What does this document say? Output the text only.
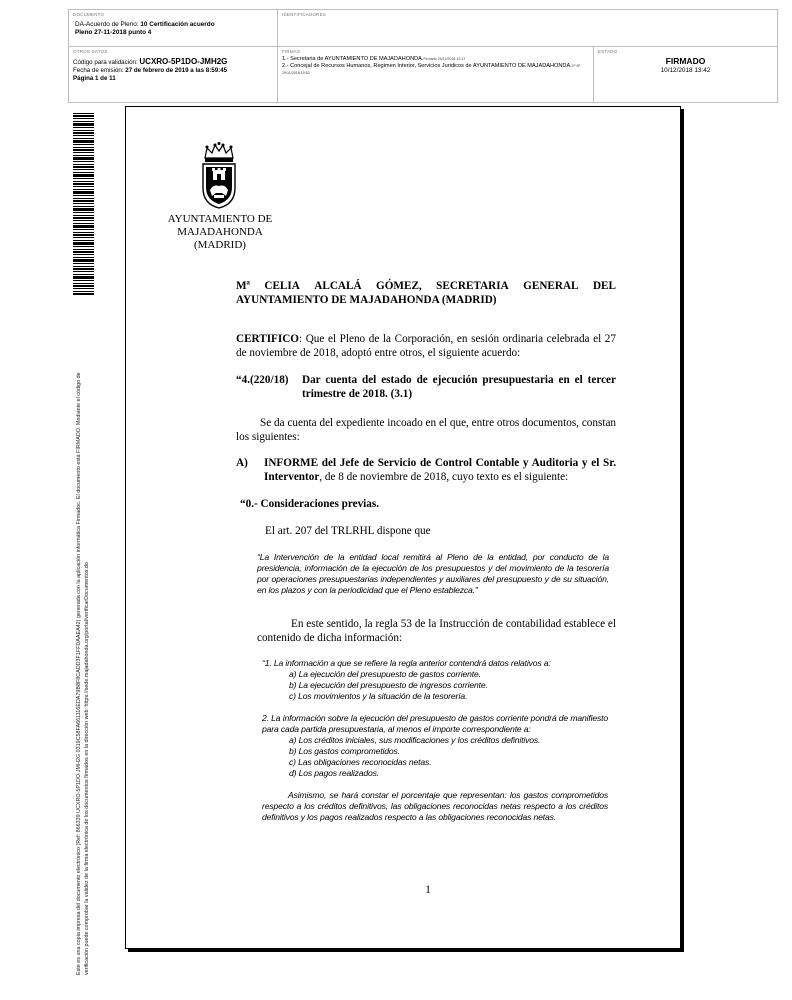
DOCUMENTO
DA-Acuerdo de Pleno: 10 Certificación acuerdo
Pleno 27-11-2018 punto 4
IDENTIFICADORES
OTROS DATOS
Código para validación: UCXRO-5P1DO-JMH2G
Fecha de emisión: 27 de febrero de 2019 a las 8:59:45
Página 1 de 11
FIRMAS
1.- Secretaria de AYUNTAMIENTO DE MAJADAHONDA.Firmado 29/11/2018 13:37
2.- Concejal de Recursos Humanos, Regimen Interior, Servicios Juridicos de AYUNTAMIENTO DE MAJADAHONDA.Vº Bº 29/11/2018 15:52
ESTADO
FIRMADO
10/12/2018 13:42
Este es una copia impresa del documento electrónico (Ref: 866339 UCXRO-5P1DO-JMH2G 0319C58FA661116EDA79B8F8CADD3F1FFDAAEA42) generada con la aplicación informática Firmadoc. El documento está FIRMADO. Mediante el código de verificación puede comprobar la validez de la firma electrónica de los documentos firmados en la dirección web: https://sede.majadahonda.org/portal/verificarDocumentos.do
AYUNTAMIENTO DE
MAJADAHONDA
(MADRID)
Mª CELIA ALCALÁ GÓMEZ, SECRETARIA GENERAL DEL
AYUNTAMIENTO DE MAJADAHONDA (MADRID)
CERTIFICO: Que el Pleno de la Corporación, en sesión ordinaria celebrada el 27 de noviembre de 2018, adoptó entre otros, el siguiente acuerdo:
“4.(220/18)	Dar cuenta del estado de ejecución presupuestaria en el tercer trimestre de 2018. (3.1)
Se da cuenta del expediente incoado en el que, entre otros documentos, constan los siguientes:
A)	INFORME del Jefe de Servicio de Control Contable y Auditoria y el Sr. Interventor, de 8 de noviembre de 2018, cuyo texto es el siguiente:
“0.- Consideraciones previas.
El art. 207 del TRLRHL dispone que
“La Intervención de la entidad local remitirá al Pleno de la entidad, por conducto de la presidencia, información de la ejecución de los presupuestos y del movimiento de la tesorería por operaciones presupuestarias independientes y auxiliares del presupuesto y de su situación, en los plazos y con la periodicidad que el Pleno establezca.”
En este sentido, la regla 53 de la Instrucción de contabilidad establece el contenido de dicha información:
“1. La información a que se refiere la regla anterior contendrá datos relativos a:
a) La ejecución del presupuesto de gastos corriente.
b) La ejecución del presupuesto de ingresos corriente.
c) Los movimientos y la situación de la tesorería.
2. La información sobre la ejecución del presupuesto de gastos corriente pondrá de manifiesto para cada partida presupuestaria, al menos el importe correspondiente a:
a) Los créditos iniciales, sus modificaciones y los créditos definitivos.
b) Los gastos comprometidos.
c) Las obligaciones reconocidas netas.
d) Los pagos realizados.
Asimismo, se hará constar el porcentaje que representan: los gastos comprometidos respecto a los créditos definitivos, las obligaciones reconocidas netas respecto a los créditos definitivos y los pagos realizados respecto a las obligaciones reconocidas netas.
1
